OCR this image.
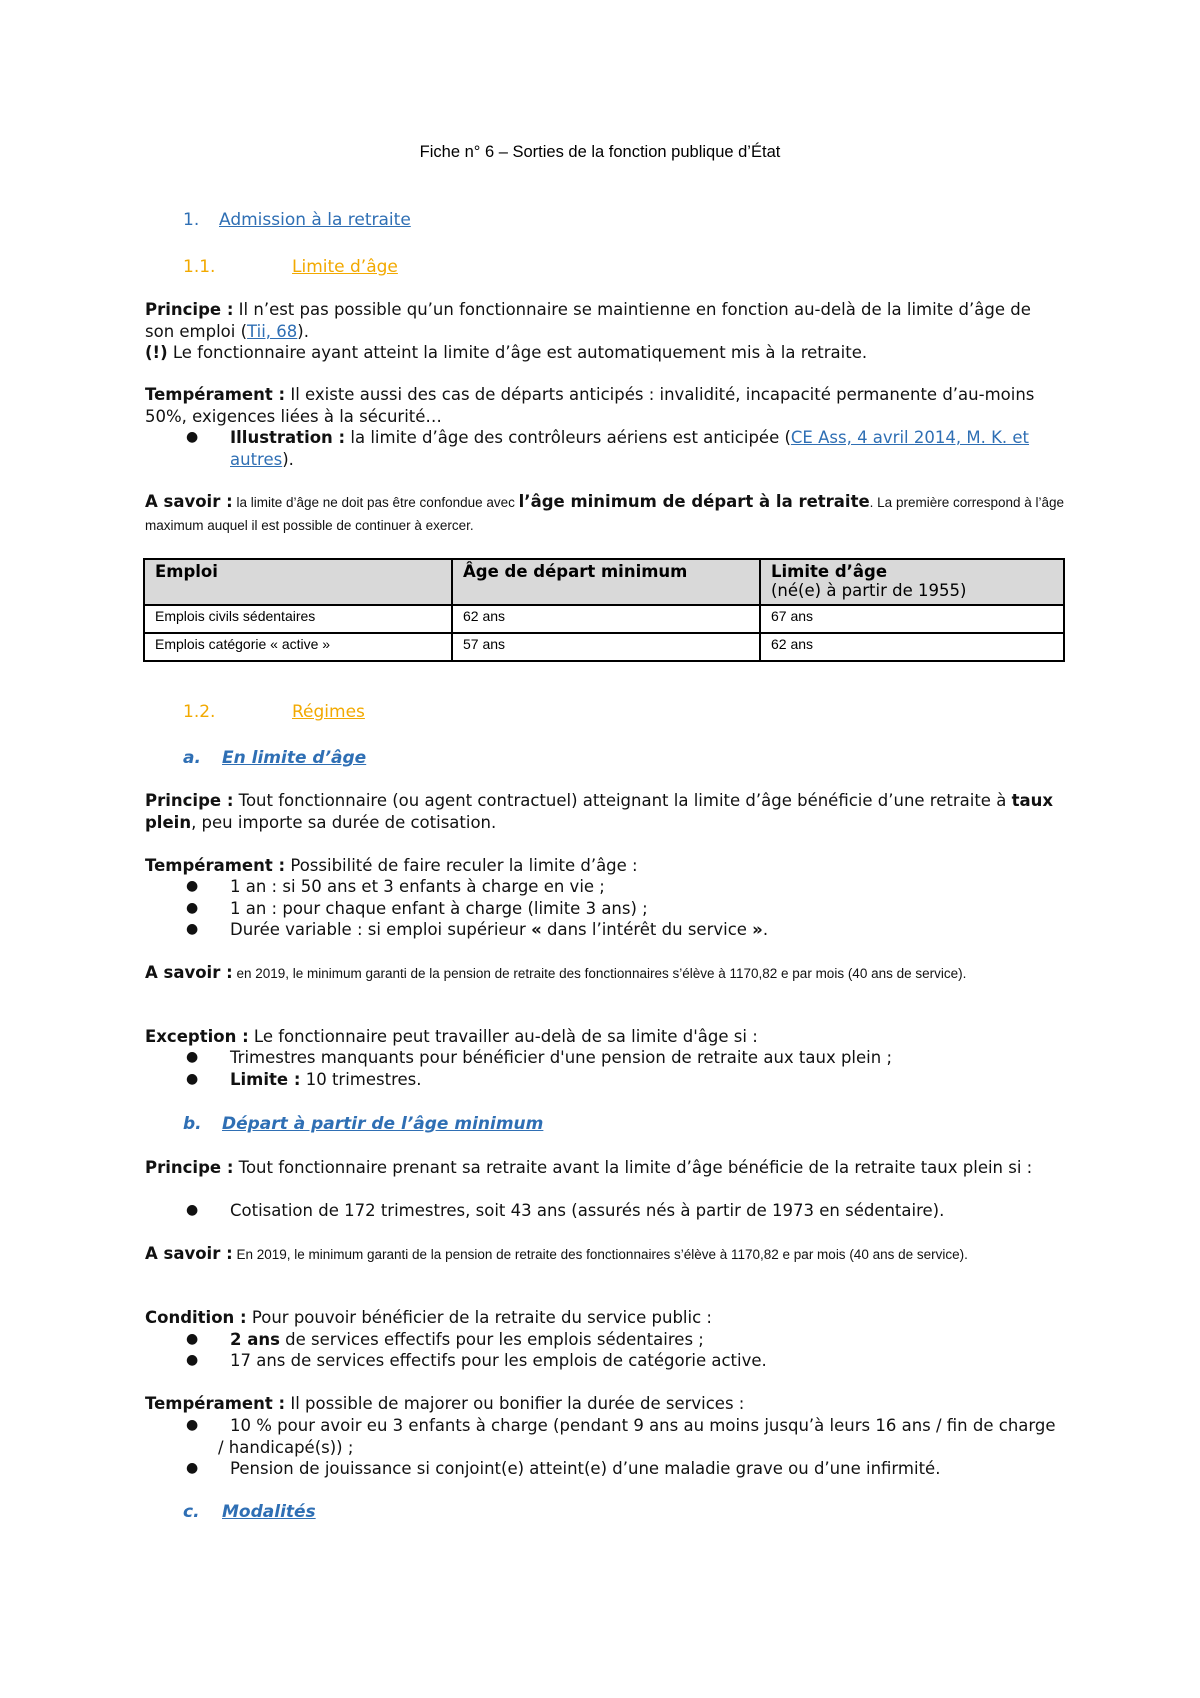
Fiche n° 6 – Sorties de la fonction publique d’État
1. Admission à la retraite
1.1.	Limite d’âge
Principe : Il n’est pas possible qu’un fonctionnaire se maintienne en fonction au-delà de la limite d’âge de son emploi (Tii, 68).
(!) Le fonctionnaire ayant atteint la limite d’âge est automatiquement mis à la retraite.
Tempérament : Il existe aussi des cas de départs anticipés : invalidité, incapacité permanente d’au-moins 50%, exigences liées à la sécurité…
●	Illustration : la limite d’âge des contrôleurs aériens est anticipée (CE Ass, 4 avril 2014, M. K. et autres).
A savoir : la limite d’âge ne doit pas être confondue avec l’âge minimum de départ à la retraite. La première correspond à l’âge maximum auquel il est possible de continuer à exercer.
Emploi	Âge de départ minimum	Limite d’âge
(né(e) à partir de 1955)
Emplois civils sédentaires	62 ans	67 ans
Emplois catégorie « active »	57 ans	62 ans
1.2.	Régimes
a. En limite d’âge
Principe : Tout fonctionnaire (ou agent contractuel) atteignant la limite d’âge bénéficie d’une retraite à taux plein, peu importe sa durée de cotisation.
Tempérament : Possibilité de faire reculer la limite d’âge :
●	1 an : si 50 ans et 3 enfants à charge en vie ;
●	1 an : pour chaque enfant à charge (limite 3 ans) ;
●	Durée variable : si emploi supérieur « dans l’intérêt du service ».
A savoir : en 2019, le minimum garanti de la pension de retraite des fonctionnaires s’élève à 1170,82 e par mois (40 ans de service).
Exception : Le fonctionnaire peut travailler au-delà de sa limite d'âge si :
●	Trimestres manquants pour bénéficier d'une pension de retraite aux taux plein ;
●	Limite : 10 trimestres.
b. Départ à partir de l’âge minimum
Principe : Tout fonctionnaire prenant sa retraite avant la limite d’âge bénéficie de la retraite taux plein si :
●	Cotisation de 172 trimestres, soit 43 ans (assurés nés à partir de 1973 en sédentaire).
A savoir : En 2019, le minimum garanti de la pension de retraite des fonctionnaires s’élève à 1170,82 e par mois (40 ans de service).
Condition : Pour pouvoir bénéficier de la retraite du service public :
●	2 ans de services effectifs pour les emplois sédentaires ;
●	17 ans de services effectifs pour les emplois de catégorie active.
Tempérament : Il possible de majorer ou bonifier la durée de services :
●	10 % pour avoir eu 3 enfants à charge (pendant 9 ans au moins jusqu’à leurs 16 ans / fin de charge / handicapé(s)) ;
●	Pension de jouissance si conjoint(e) atteint(e) d’une maladie grave ou d’une infirmité.
c. Modalités
